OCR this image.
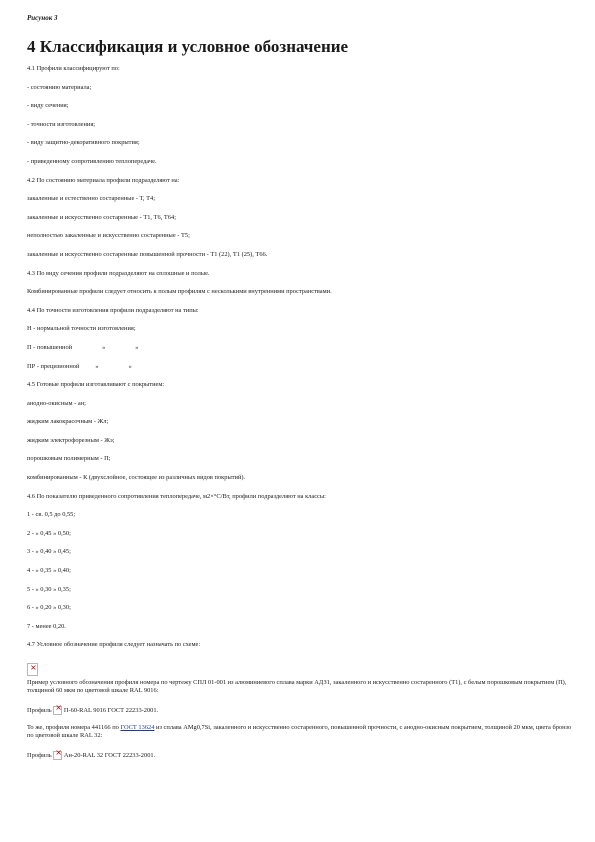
Рисунок 3
4 Классификация и условное обозначение

4.1 Профили классифицируют по:

- состоянию материала;

- виду сечения;

- точности изготовления;

- виду защитно-декоративного покрытия;

- приведенному сопротивлению теплопередаче.

4.2 По состоянию материала профили подразделяют на:

закаленные и естественно состаренные - Т, Т4;

закаленные и искусственно состаренные - Т1, Т6, Т64;

неполностью закаленные и искусственно состаренные - Т5;

закаленные и искусственно состаренные повышенной прочности - Т1 (22), Т1 (25), Т66.

4.3 По виду сечения профили подразделяют на сплошные и полые.

Комбинированные профили следует относить к полым профилям с несколькими внутренними пространствами.

4.4 По точности изготовления профили подразделяют на типы:

Н - нормальной точности изготовления;

П - повышенной	»	»

ПР - прецизионной	»	»

4.5 Готовые профили изготавливают с покрытием:

анодно-окисным - ан;

жидким лакокрасочным - Жл;

жидким электрофорезным - Жэ;

порошковым полимерным - П;

комбинированным - К (двухслойное, состоящее из различных видов покрытий).

4.6 По показателю приведенного сопротивления теплопередаче, м2×°С/Вт, профили подразделяют на классы:

1 - св. 0,5 до 0,55;

2 - » 0,45 » 0,50;

3 - » 0,40 » 0,45;

4 - » 0,35 » 0,40;

5 - » 0,30 » 0,35;

6 - » 0,20 » 0,30;

7 - менее 0,20.

4.7 Условное обозначение профиля следует назначать по схеме:

×

Пример условного обозначения профиля номера по чертежу СПЛ 01-001 из алюминиевого сплава марки АДЗ1, закаленного и искусственно состаренного (Т1), с белым порошковым покрытием (П), толщиной 60 мкм по цветовой шкале RAL 9016:

Профиль × П-60-RAL 9016 ГОСТ 22233-2001.

То же, профиля номера 441166 по ГОСТ 13624 из сплава АМg0,7Si, закаленного и искусственно состаренного, повышенной прочности, с анодно-окисным покрытием, толщиной 20 мкм, цвета бронзо по цветовой шкале RAL 32:

Профиль × Ан-20-RAL 32 ГОСТ 22233-2001.
